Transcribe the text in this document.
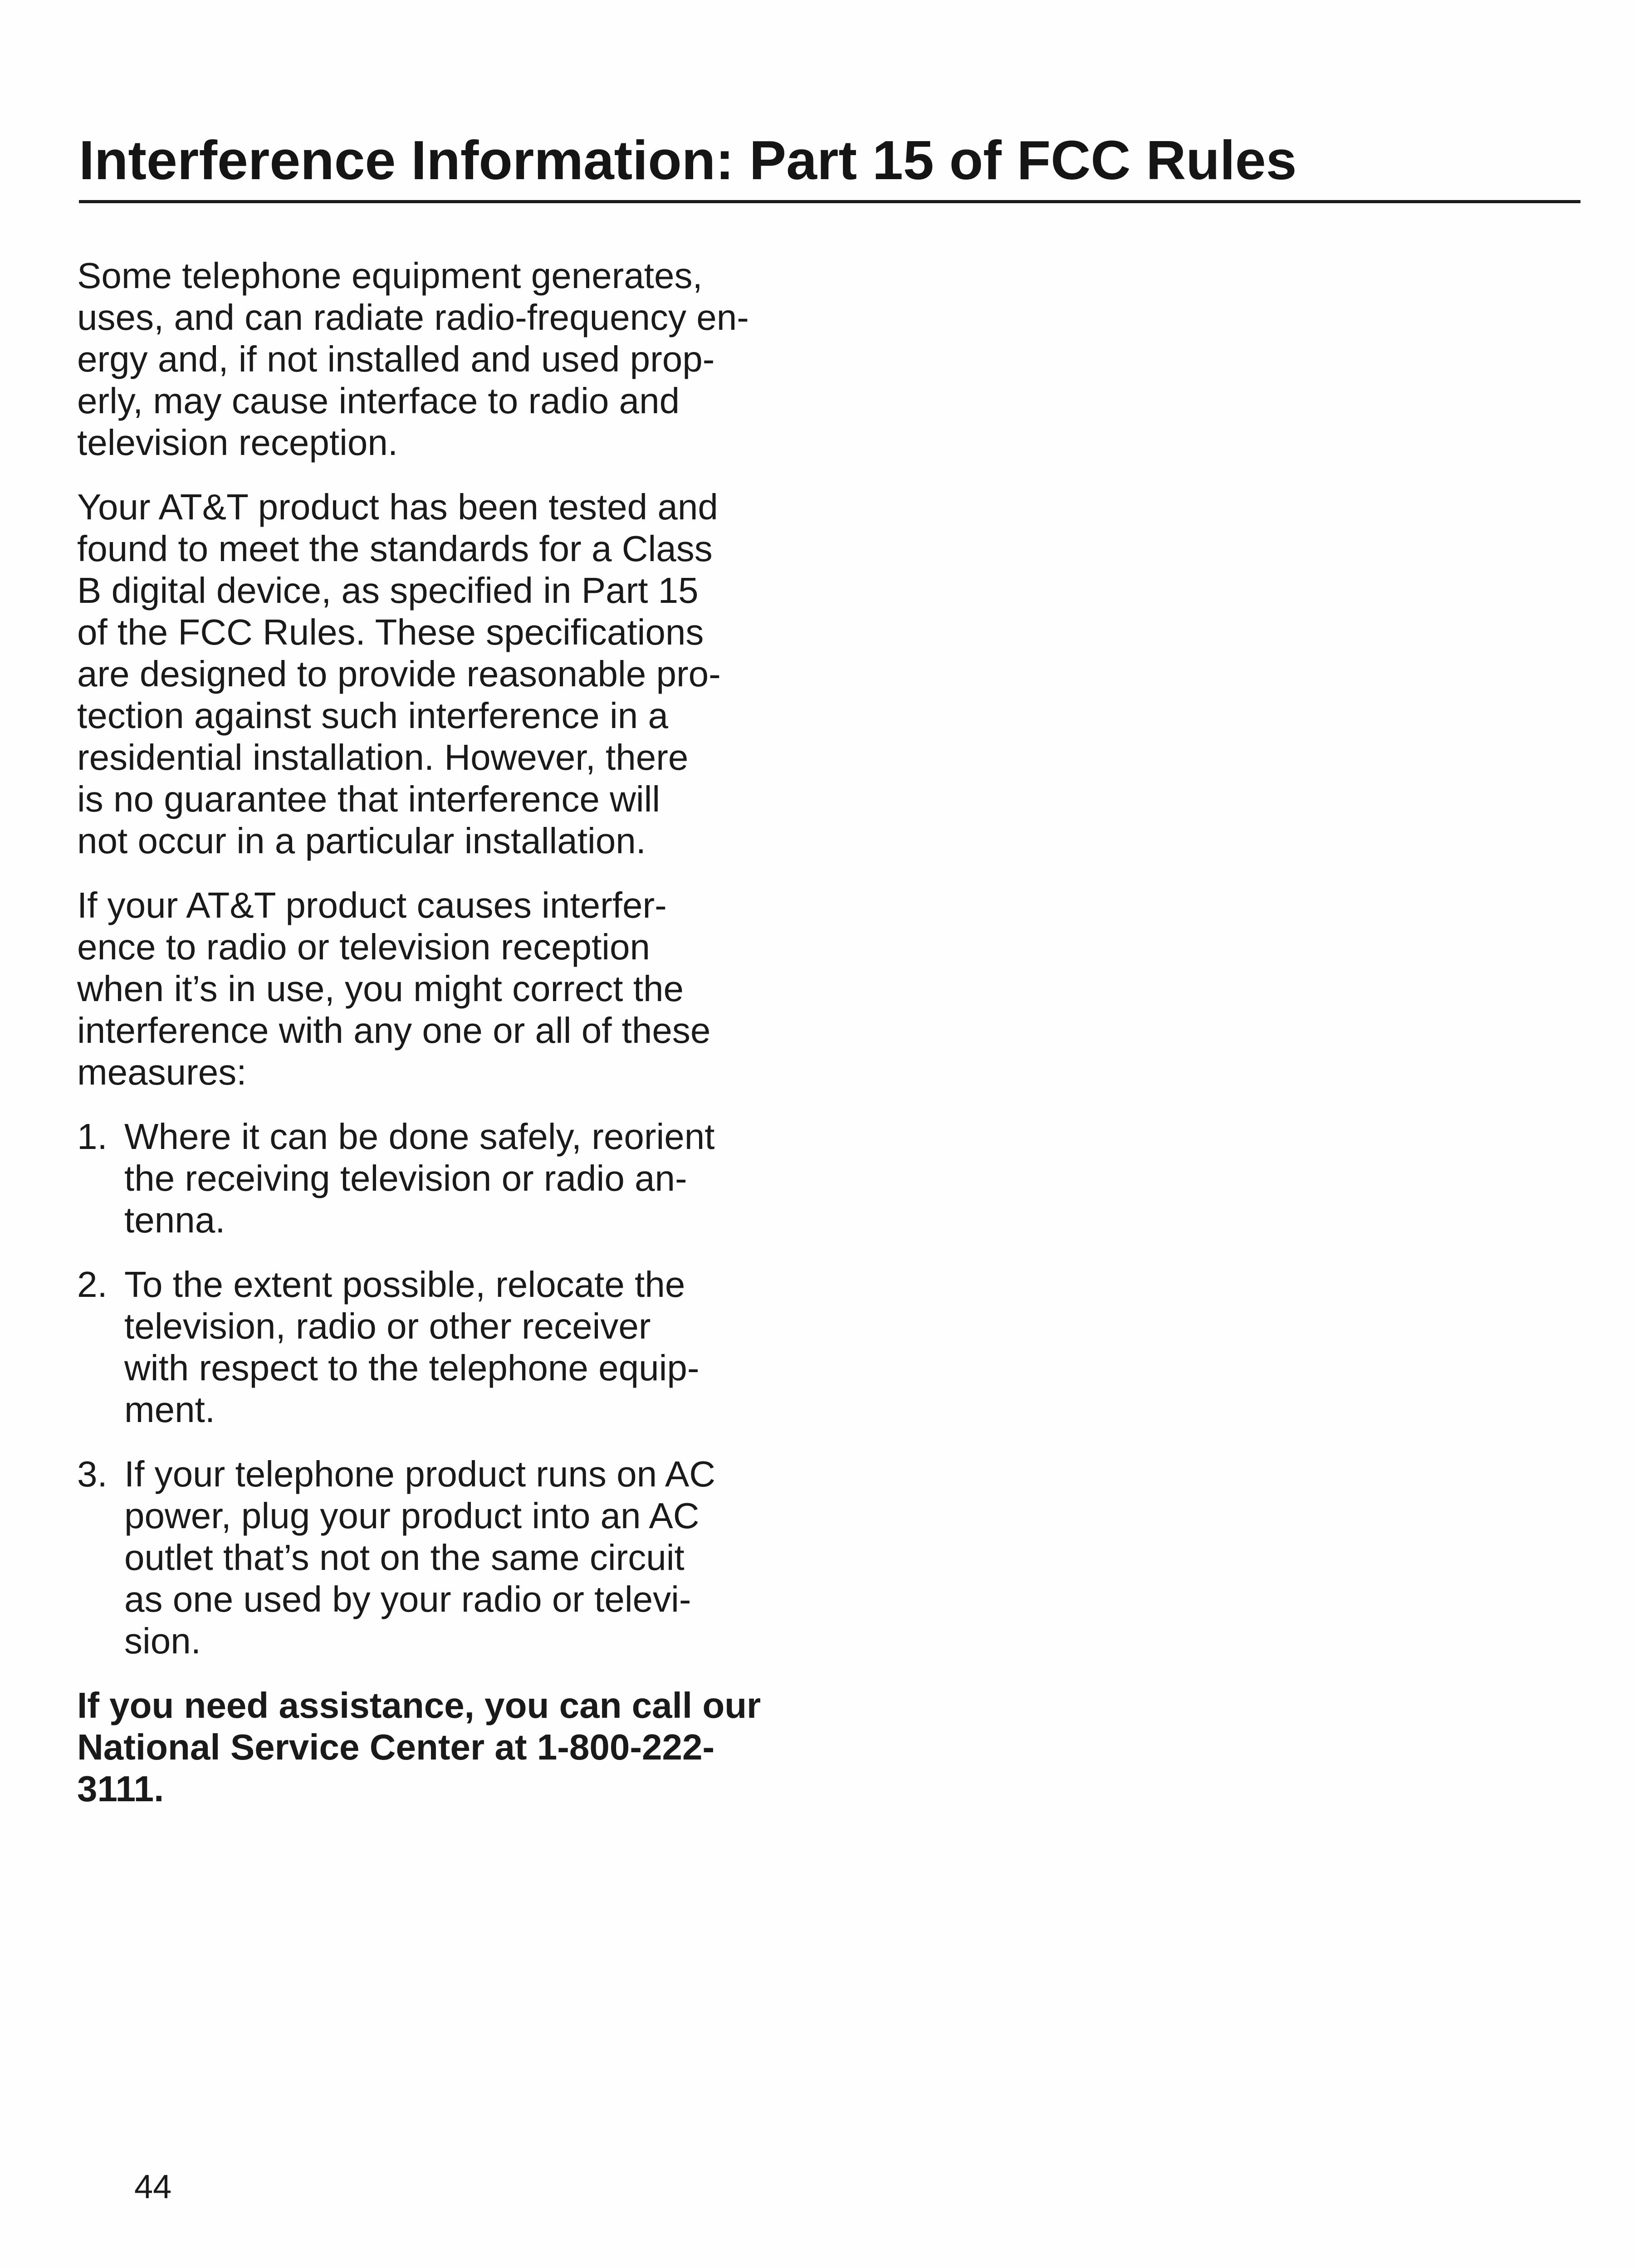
Interference Information: Part 15 of FCC Rules

Some telephone equipment generates,
uses, and can radiate radio-frequency en-
ergy and, if not installed and used prop-
erly, may cause interface to radio and
television reception.

Your AT&T product has been tested and
found to meet the standards for a Class
B digital device, as specified in Part 15
of the FCC Rules. These specifications
are designed to provide reasonable pro-
tection against such interference in a
residential installation. However, there
is no guarantee that interference will
not occur in a particular installation.

If your AT&T product causes interfer-
ence to radio or television reception
when it’s in use, you might correct the
interference with any one or all of these
measures:

1. Where it can be done safely, reorient
the receiving television or radio an-
tenna.
2. To the extent possible, relocate the
television, radio or other receiver
with respect to the telephone equip-
ment.
3. If your telephone product runs on AC
power, plug your product into an AC
outlet that’s not on the same circuit
as one used by your radio or televi-
sion.

If you need assistance, you can call our
National Service Center at 1-800-222-
3111.

44
